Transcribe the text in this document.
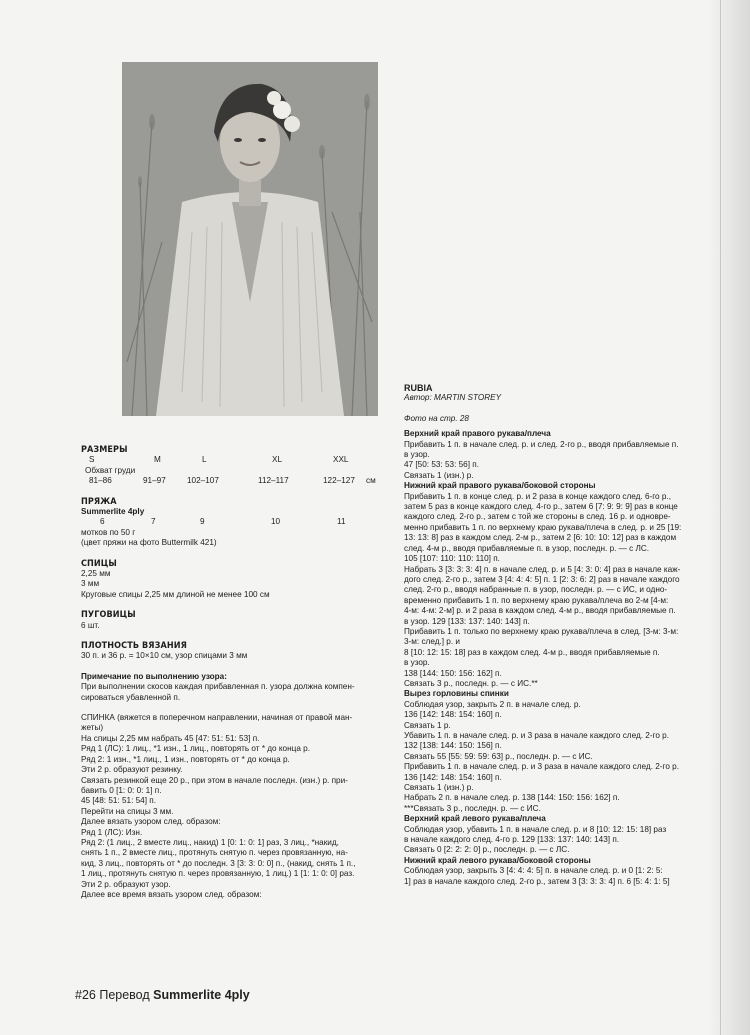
РАЗМЕРЫ
S	M	L	XL	XXL
Обхват груди
81–86	91–97	102–107	112–117	122–127 см
ПРЯЖА
Summerlite 4ply
6	7	9	10	11
мотков по 50 г
(цвет пряжи на фото Buttermilk 421)
СПИЦЫ
2,25 мм
3 мм
Круговые спицы 2,25 мм длиной не менее 100 см
ПУГОВИЦЫ
6 шт.
ПЛОТНОСТЬ ВЯЗАНИЯ
30 п. и 36 р. = 10×10 см, узор спицами 3 мм
Примечание по выполнению узора:
При выполнении скосов каждая прибавленная п. узора должна компен-
сироваться убавленной п.
СПИНКА (вяжется в поперечном направлении, начиная от правой ман-
жеты)
На спицы 2,25 мм набрать 45 [47: 51: 51: 53] п.
Ряд 1 (ЛС): 1 лиц., *1 изн., 1 лиц., повторять от * до конца р.
Ряд 2: 1 изн., *1 лиц., 1 изн., повторять от * до конца р.
Эти 2 р. образуют резинку.
Связать резинкой еще 20 р., при этом в начале последн. (изн.) р. при-
бавить 0 [1: 0: 0: 1] п.
45 [48: 51: 51: 54] п.
Перейти на спицы 3 мм.
Далее вязать узором след. образом:
Ряд 1 (ЛС): Изн.
Ряд 2: (1 лиц., 2 вместе лиц., накид) 1 [0: 1: 0: 1] раз, 3 лиц., *накид,
снять 1 п., 2 вместе лиц., протянуть снятую п. через провязанную, на-
кид, 3 лиц., повторять от * до последн. 3 [3: 3: 0: 0] п., (накид, снять 1 п.,
1 лиц., протянуть снятую п. через провязанную, 1 лиц.) 1 [1: 1: 0: 0] раз.
Эти 2 р. образуют узор.
Далее все время вязать узором след. образом:
RUBIA
Автор: MARTIN STOREY
Фото на стр. 28
Верхний край правого рукава/плеча
Прибавить 1 п. в начале след. р. и след. 2-го р., вводя прибавляемые п.
в узор.
47 [50: 53: 53: 56] п.
Связать 1 (изн.) р.
Нижний край правого рукава/боковой стороны
Прибавить 1 п. в конце след. р. и 2 раза в конце каждого след. 6-го р.,
затем 5 раз в конце каждого след. 4-го р., затем 6 [7: 9: 9: 9] раз в конце
каждого след. 2-го р., затем с той же стороны в след. 16 р. и одновре-
менно прибавить 1 п. по верхнему краю рукава/плеча в след. р. и 25 [19:
13: 13: 8] раз в каждом след. 2-м р., затем 2 [6: 10: 10: 12] раз в каждом
след. 4-м р., вводя прибавляемые п. в узор, последн. р. — с ЛС.
105 [107: 110: 110: 110] п.
Набрать 3 [3: 3: 3: 4] п. в начале след. р. и 5 [4: 3: 0: 4] раз в начале каж-
дого след. 2-го р., затем 3 [4: 4: 4: 5] п. 1 [2: 3: 6: 2] раз в начале каждого
след. 2-го р., вводя набранные п. в узор, последн. р. — с ИС, и одно-
временно прибавить 1 п. по верхнему краю рукава/плеча во 2-м [4-м:
4-м: 4-м: 2-м] р. и 2 раза в каждом след. 4-м р., вводя прибавляемые п.
в узор. 129 [133: 137: 140: 143] п.
Прибавить 1 п. только по верхнему краю рукава/плеча в след. [3-м: 3-м:
3-м: след.] р. и
8 [10: 12: 15: 18] раз в каждом след. 4-м р., вводя прибавляемые п.
в узор.
138 [144: 150: 156: 162] п.
Связать 3 р., последн. р. — с ИС.**
Вырез горловины спинки
Соблюдая узор, закрыть 2 п. в начале след. р.
136 [142: 148: 154: 160] п.
Связать 1 р.
Убавить 1 п. в начале след. р. и 3 раза в начале каждого след. 2-го р.
132 [138: 144: 150: 156] п.
Связать 55 [55: 59: 59: 63] р., последн. р. — с ИС.
Прибавить 1 п. в начале след. р. и 3 раза в начале каждого след. 2-го р.
136 [142: 148: 154: 160] п.
Связать 1 (изн.) р.
Набрать 2 п. в начале след. р. 138 [144: 150: 156: 162] п.
***Связать 3 р., последн. р. — с ИС.
Верхний край левого рукава/плеча
Соблюдая узор, убавить 1 п. в начале след. р. и 8 [10: 12: 15: 18] раз
в начале каждого след. 4-го р. 129 [133: 137: 140: 143] п.
Связать 0 [2: 2: 2: 0] р., последн. р. — с ЛС.
Нижний край левого рукава/боковой стороны
Соблюдая узор, закрыть 3 [4: 4: 4: 5] п. в начале след. р. и 0 [1: 2: 5:
1] раз в начале каждого след. 2-го р., затем 3 [3: 3: 3: 4] п. 6 [5: 4: 1: 5]
#26 Перевод Summerlite 4ply
